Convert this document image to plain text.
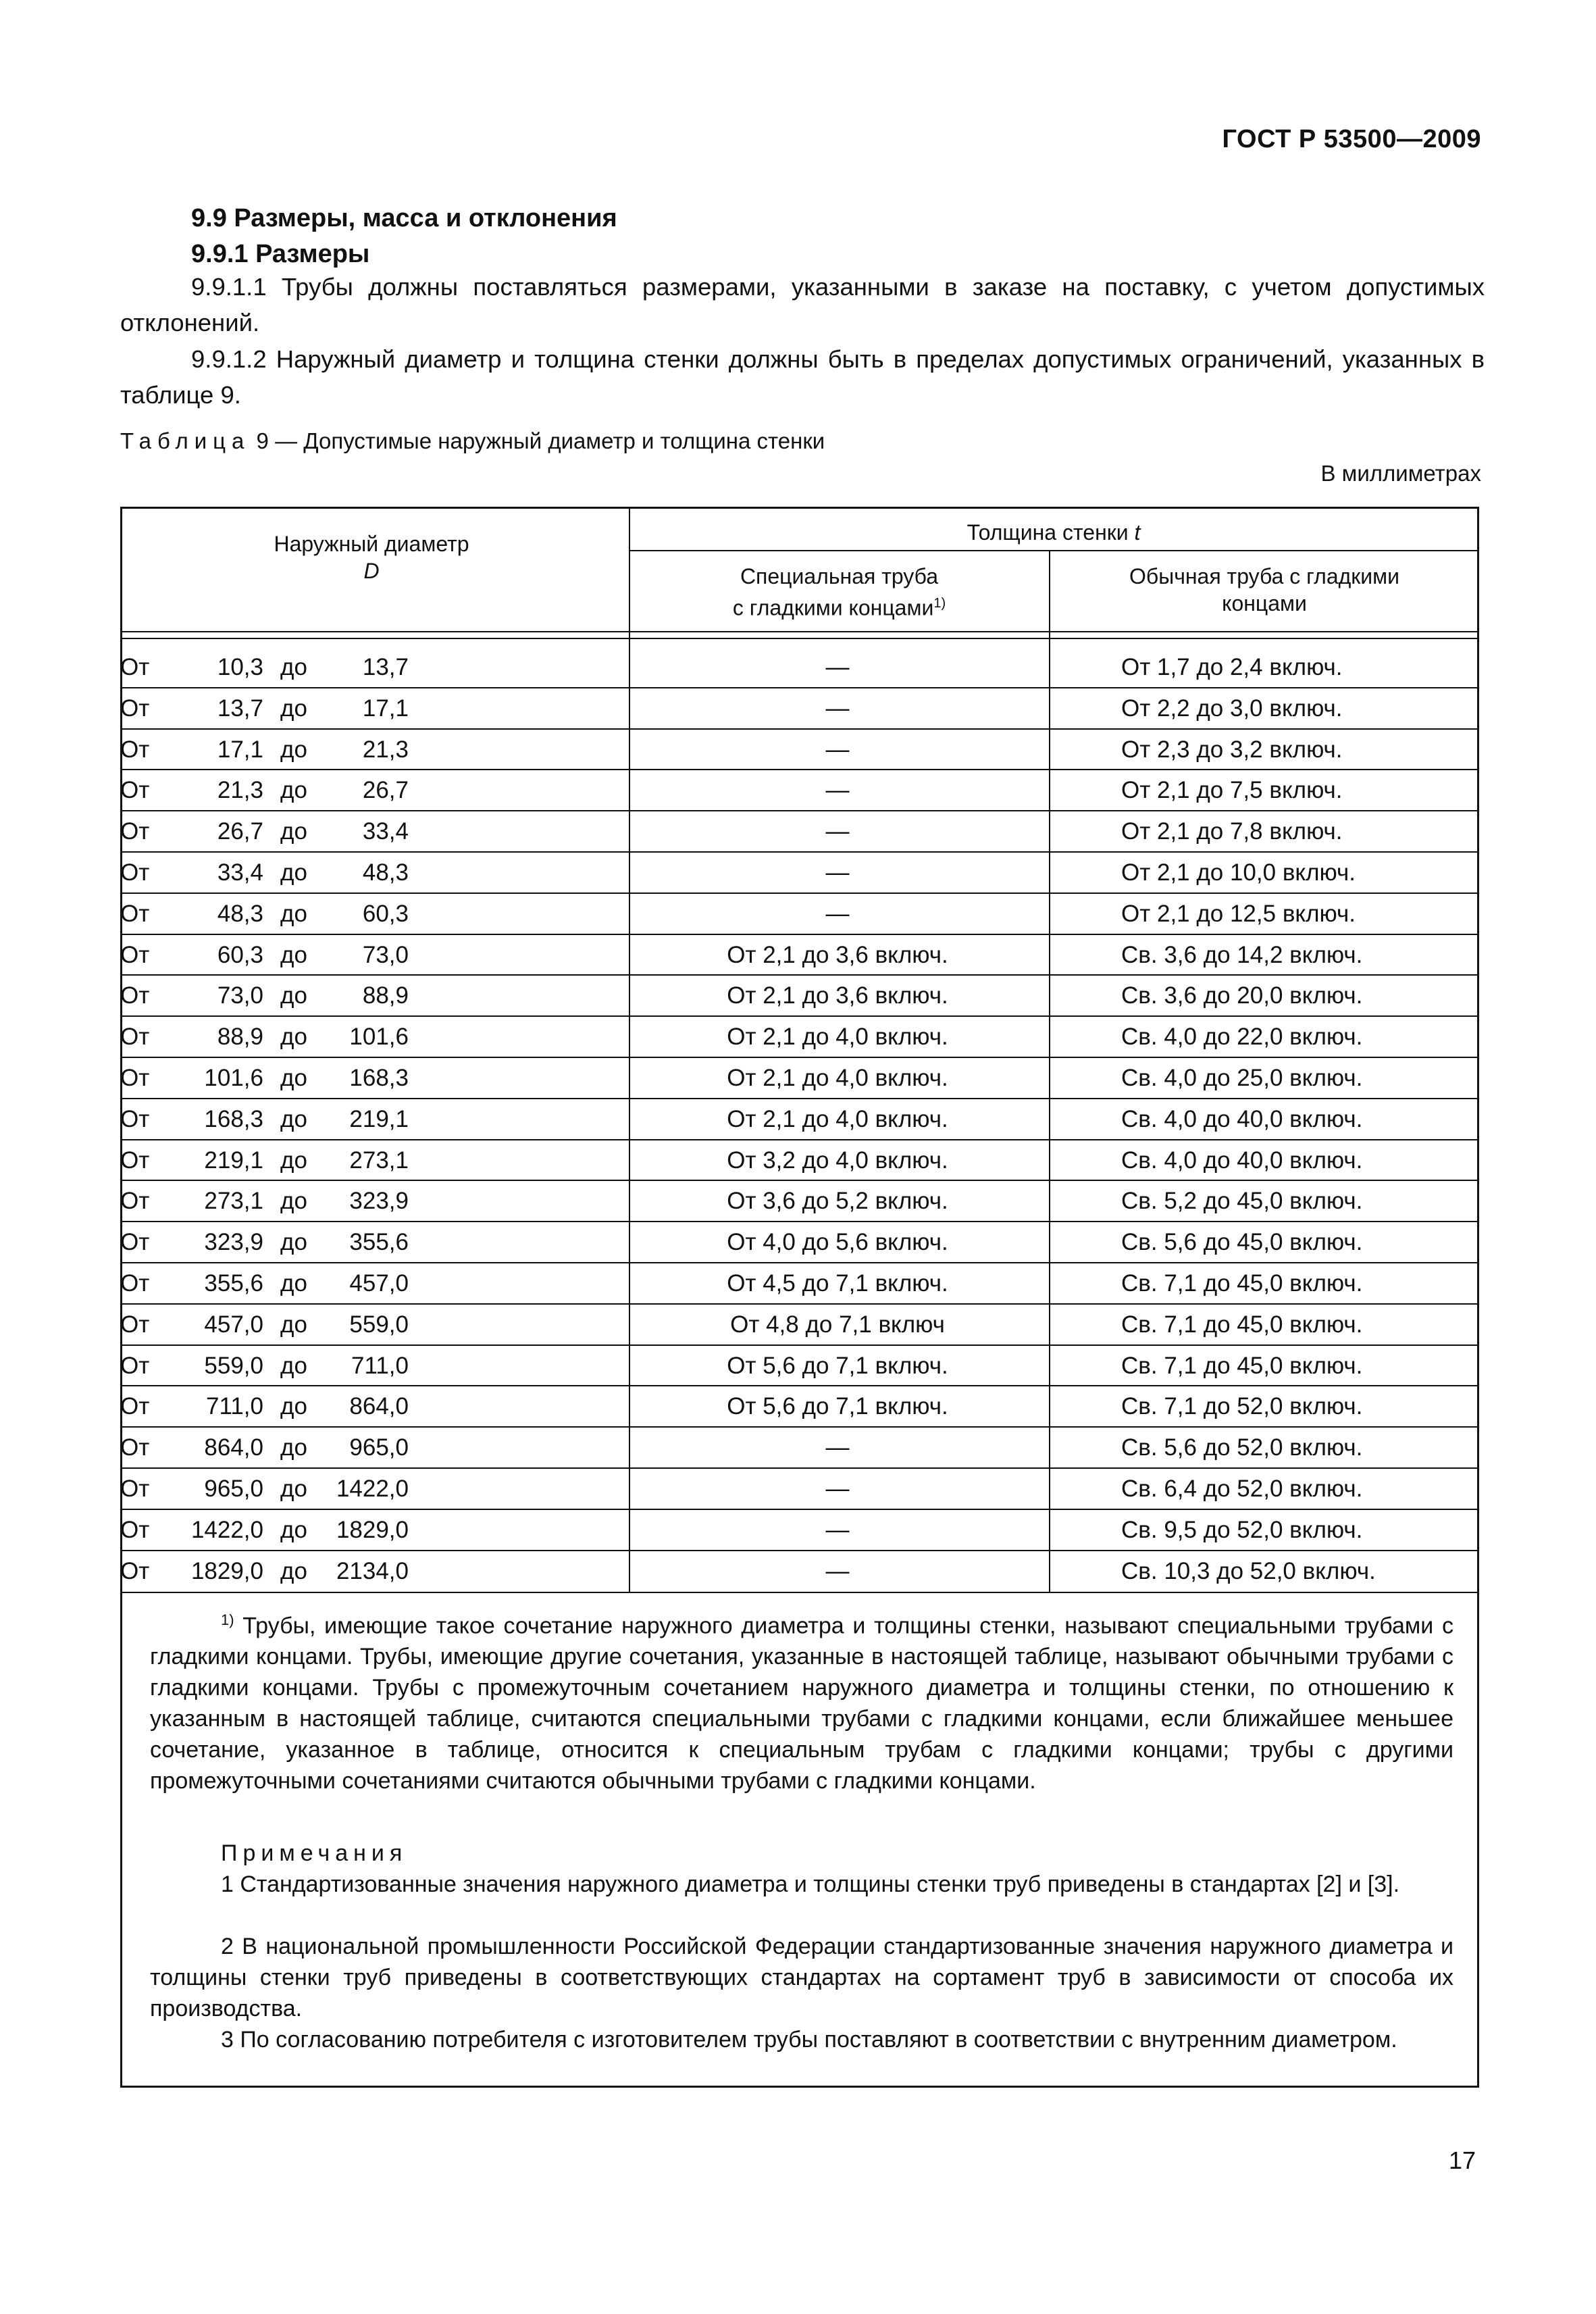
ГОСТ Р 53500—2009
9.9 Размеры, масса и отклонения
9.9.1 Размеры
9.9.1.1 Трубы должны поставляться размерами, указанными в заказе на поставку, с учетом допустимых отклонений.
9.9.1.2 Наружный диаметр и толщина стенки должны быть в пределах допустимых ограничений, указанных в таблице 9.
Таблица 9 — Допустимые наружный диаметр и толщина стенки
В миллиметрах
Наружный диаметр
D
Толщина стенки t
Специальная труба
с гладкими концами$^{1)}$
Обычная труба с гладкими
концами
От	10,3 до	13,7	—	От 1,7 до 2,4 включ.
От	13,7 до	17,1	—	От 2,2 до 3,0 включ.
От	17,1 до	21,3	—	От 2,3 до 3,2 включ.
От	21,3 до	26,7	—	От 2,1 до 7,5 включ.
От	26,7 до	33,4	—	От 2,1 до 7,8 включ.
От	33,4 до	48,3	—	От 2,1 до 10,0 включ.
От	48,3 до	60,3	—	От 2,1 до 12,5 включ.
От	60,3 до	73,0	От 2,1 до 3,6 включ.	Св. 3,6 до 14,2 включ.
От	73,0 до	88,9	От 2,1 до 3,6 включ.	Св. 3,6 до 20,0 включ.
От	88,9 до	101,6	От 2,1 до 4,0 включ.	Св. 4,0 до 22,0 включ.
От	101,6 до	168,3	От 2,1 до 4,0 включ.	Св. 4,0 до 25,0 включ.
От	168,3 до	219,1	От 2,1 до 4,0 включ.	Св. 4,0 до 40,0 включ.
От	219,1 до	273,1	От 3,2 до 4,0 включ.	Св. 4,0 до 40,0 включ.
От	273,1 до	323,9	От 3,6 до 5,2 включ.	Св. 5,2 до 45,0 включ.
От	323,9 до	355,6	От 4,0 до 5,6 включ.	Св. 5,6 до 45,0 включ.
От	355,6 до	457,0	От 4,5 до 7,1 включ.	Св. 7,1 до 45,0 включ.
От	457,0 до	559,0	От 4,8 до 7,1 включ	Св. 7,1 до 45,0 включ.
От	559,0 до	711,0	От 5,6 до 7,1 включ.	Св. 7,1 до 45,0 включ.
От	711,0 до	864,0	От 5,6 до 7,1 включ.	Св. 7,1 до 52,0 включ.
От	864,0 до	965,0	—	Св. 5,6 до 52,0 включ.
От	965,0 до	1422,0	—	Св. 6,4 до 52,0 включ.
От	1422,0 до	1829,0	—	Св. 9,5 до 52,0 включ.
От	1829,0 до	2134,0	—	Св. 10,3 до 52,0 включ.
$^{1)}$ Трубы, имеющие такое сочетание наружного диаметра и толщины стенки, называют специальными трубами с гладкими концами. Трубы, имеющие другие сочетания, указанные в настоящей таблице, называют обычными трубами с гладкими концами. Трубы с промежуточным сочетанием наружного диаметра и толщины стенки, по отношению к указанным в настоящей таблице, считаются специальными трубами с гладкими концами, если ближайшее меньшее сочетание, указанное в таблице, относится к специальным трубам с гладкими концами; трубы с другими промежуточными сочетаниями считаются обычными трубами с гладкими концами.
Примечания
1 Стандартизованные значения наружного диаметра и толщины стенки труб приведены в стандартах [2] и [3].
2 В национальной промышленности Российской Федерации стандартизованные значения наружного диаметра и толщины стенки труб приведены в соответствующих стандартах на сортамент труб в зависимости от способа их производства.
3 По согласованию потребителя с изготовителем трубы поставляют в соответствии с внутренним диаметром.
17
